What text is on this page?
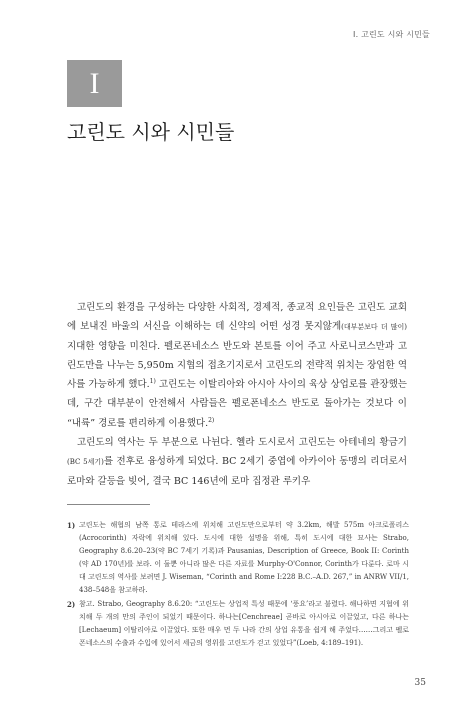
I. 고린도 시와 시민들
I
고린도 시와 시민들

고린도의 환경을 구성하는 다양한 사회적, 경제적, 종교적 요인들은 고린도 교회에 보내진 바울의 서신을 이해하는 데 신약의 어떤 성경 못지않게(대부분보다 더 많이) 지대한 영향을 미친다. 펠로폰네소스 반도와 본토를 이어 주고 사로니코스만과 고린도만을 나누는 5,950m 지협의 접초기지로서 고린도의 전략적 위치는 장엄한 역사를 가능하게 했다.$^{1)}$ 고린도는 이탈리아와 아시아 사이의 육상 상업로를 관장했는데, 구간 대부분이 안전해서 사람들은 펠로폰네소스 반도로 돌아가는 것보다 이 “내륙” 경로를 편리하게 이용했다.$^{2)}$

고린도의 역사는 두 부분으로 나뉜다. 헬라 도시로서 고린도는 아테네의 황금기(BC 5세기)를 전후로 융성하게 되었다. BC 2세기 중엽에 아카이아 동맹의 리더로서 로마와 갈등을 빚어, 결국 BC 146년에 로마 집정관 루키우

1) 고린도는 해협의 남쪽 통로 테라스에 위치해 고린도만으로부터 약 3.2km, 해발 575m 아크로폴리스(Acrocorinth) 자락에 위치해 있다. 도시에 대한 설명을 위해, 특히 도시에 대한 묘사는 Strabo, Geography 8.6.20–23(약 BC 7세기 기록)과 Pausanias, Description of Greece, Book II: Corinth (약 AD 170년)를 보라. 이 둘뿐 아니라 많은 다른 자료를 Murphy-O'Connor, Corinth가 다룬다. 로마 시대 고린도의 역사를 보려면 J. Wiseman, “Corinth and Rome I:228 B.C.–A.D. 267,” in ANRW VII/1, 438–548을 참고하라.
2) 참고. Strabo, Geography 8.6.20: “고린도는 상업적 특성 때문에 ‘풍요’라고 불렸다. 해나하면 지협에 위치해 두 개의 만의 주인이 되었기 때문이다. 하나는[Cenchreae] 곧바로 아시아로 이끌었고, 다른 하나는[Lechaeum] 이탈리아로 이끌었다. 또한 매우 먼 두 나라 간의 상업 유통을 쉽게 해 주었다……그리고 펠로폰네소스의 수출과 수입에 있어서 세금의 영위를 고린도가 걷고 있었다”(Loeb, 4:189–191).
35
